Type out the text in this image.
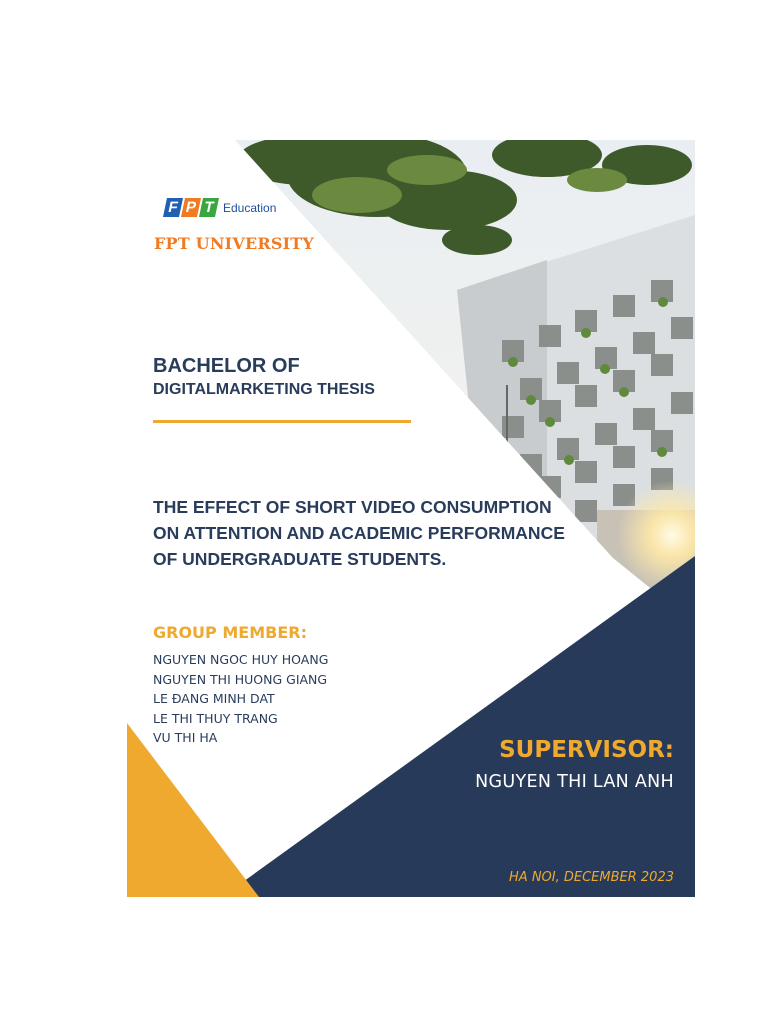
F P T Education
FPT UNIVERSITY
BACHELOR OF
DIGITALMARKETING THESIS
THE EFFECT OF SHORT VIDEO CONSUMPTION
ON ATTENTION AND ACADEMIC PERFORMANCE
OF UNDERGRADUATE STUDENTS.
GROUP MEMBER:
NGUYEN NGOC HUY HOANG
NGUYEN THI HUONG GIANG
LE ĐANG MINH DAT
LE THI THUY TRANG
VU THI HA	SUPERVISOR:
NGUYEN THI LAN ANH
HA NOI, DECEMBER 2023
